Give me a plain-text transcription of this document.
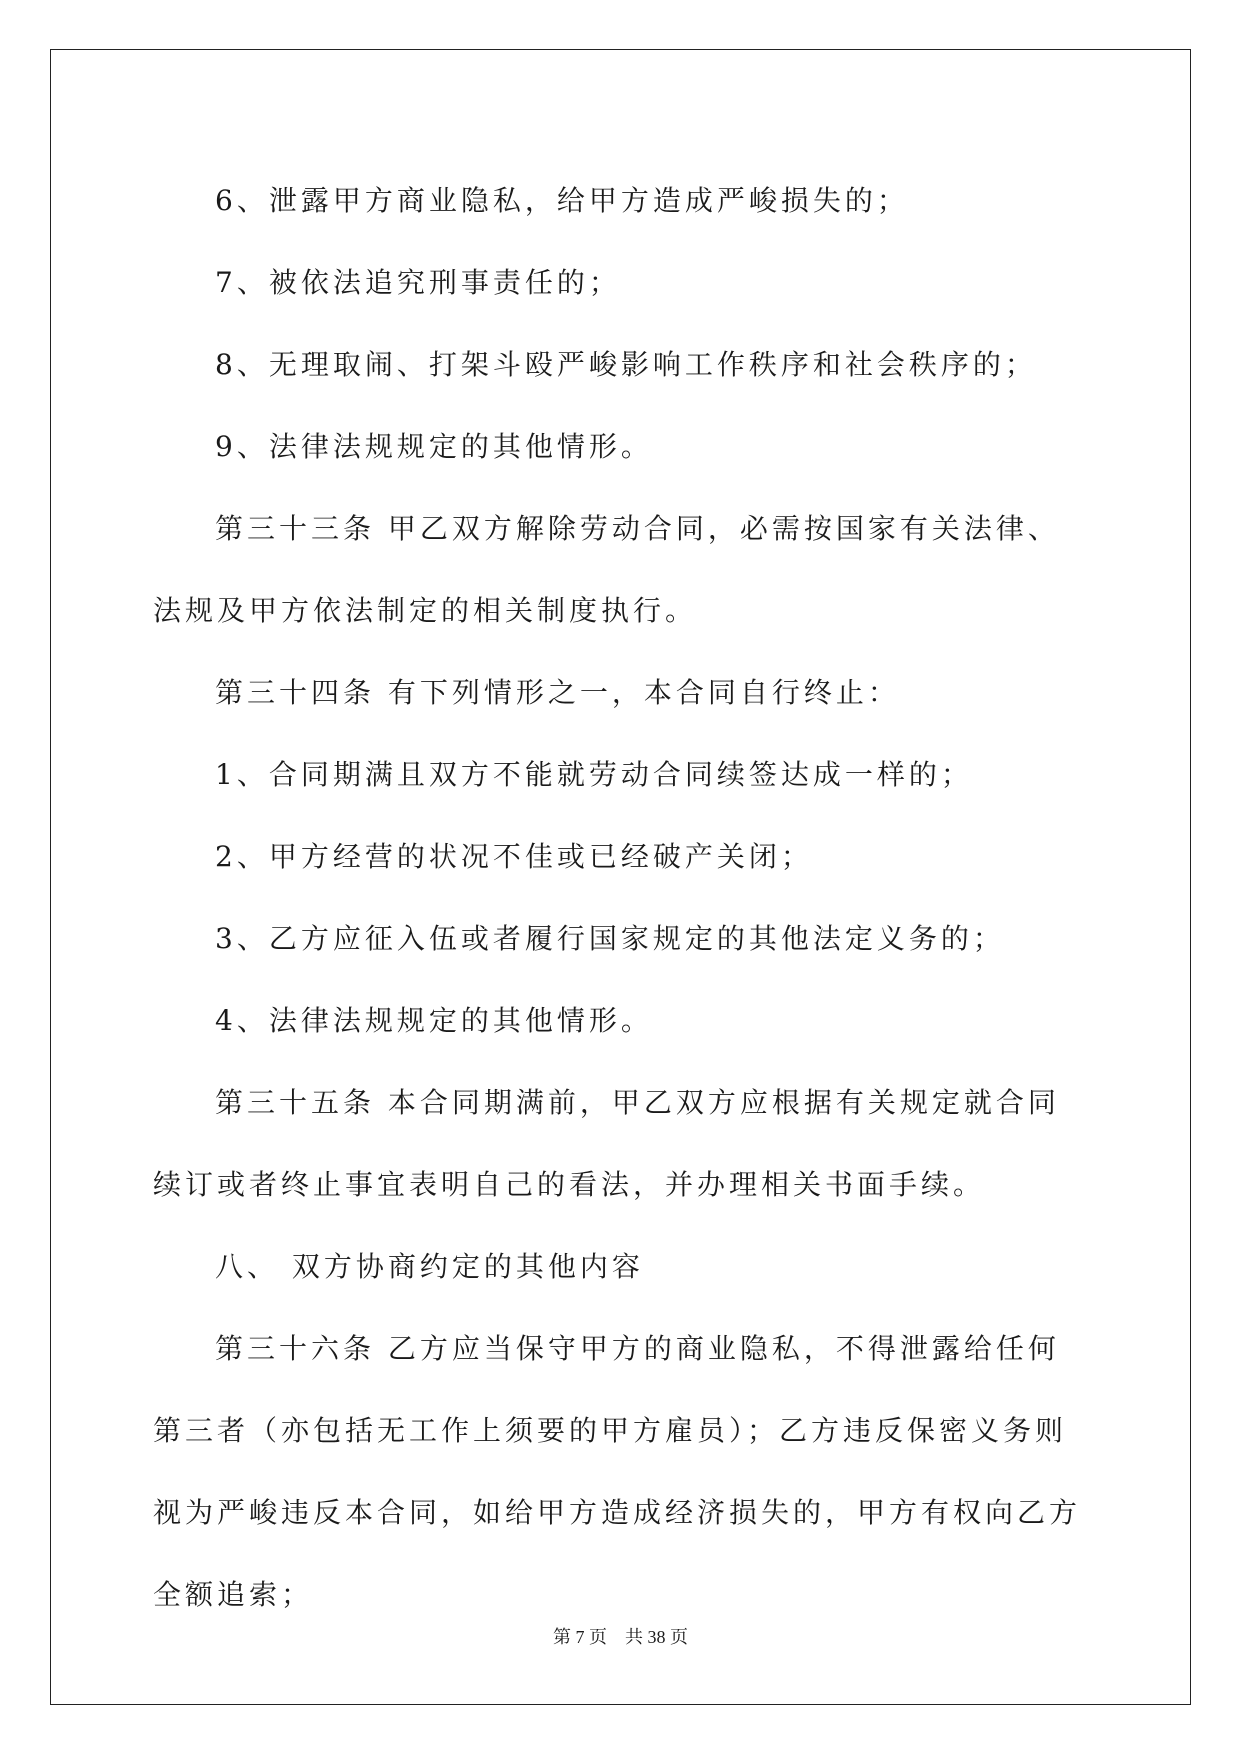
6、泄露甲方商业隐私，给甲方造成严峻损失的；

7、被依法追究刑事责任的；

8、无理取闹、打架斗殴严峻影响工作秩序和社会秩序的；

9、法律法规规定的其他情形。

第三十三条 甲乙双方解除劳动合同，必需按国家有关法律、法规及甲方依法制定的相关制度执行。

第三十四条 有下列情形之一，本合同自行终止：

1、合同期满且双方不能就劳动合同续签达成一样的；

2、甲方经营的状况不佳或已经破产关闭；

3、乙方应征入伍或者履行国家规定的其他法定义务的；

4、法律法规规定的其他情形。

第三十五条 本合同期满前，甲乙双方应根据有关规定就合同续订或者终止事宜表明自己的看法，并办理相关书面手续。

八、 双方协商约定的其他内容

第三十六条 乙方应当保守甲方的商业隐私，不得泄露给任何第三者（亦包括无工作上须要的甲方雇员）；乙方违反保密义务则视为严峻违反本合同，如给甲方造成经济损失的，甲方有权向乙方全额追索；

第 7 页 共 38 页
